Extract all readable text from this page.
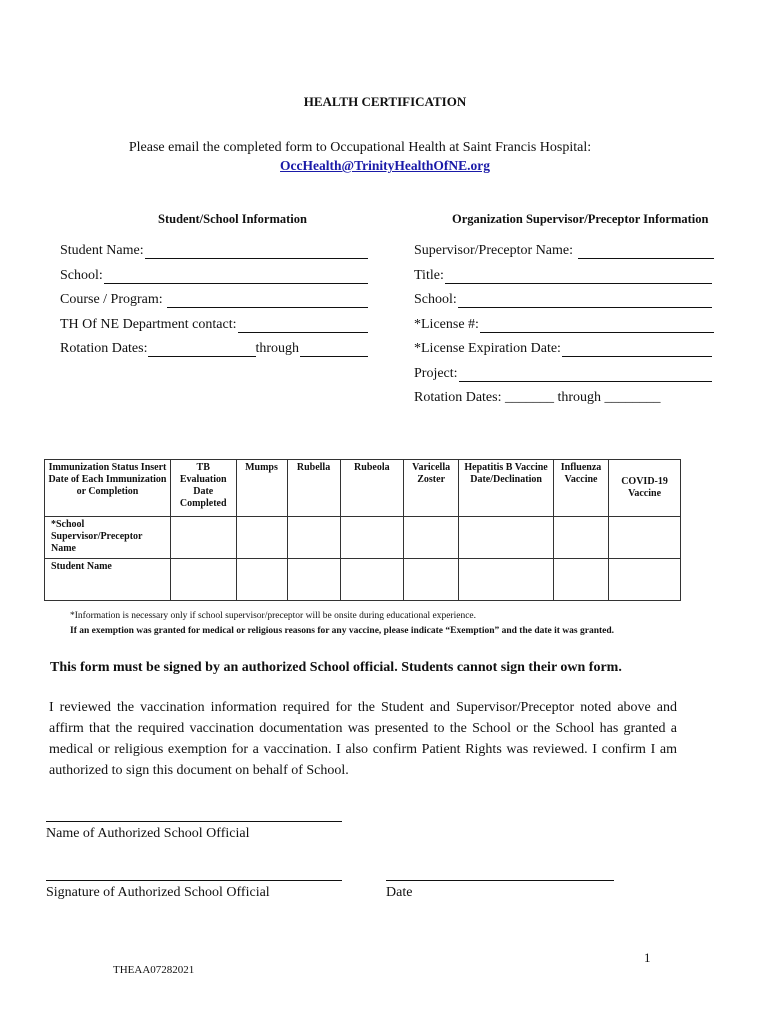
HEALTH CERTIFICATION
Please email the completed form to Occupational Health at Saint Francis Hospital:
OccHealth@TrinityHealthOfNE.org
Student/School Information	Organization Supervisor/Preceptor Information
Student Name:
School:
Course / Program:
TH Of NE Department contact:
Rotation Dates:	through
Supervisor/Preceptor Name:
Title:
School:
*License #:
*License Expiration Date:
Project:
Rotation Dates: _______ through ________
Immunization Status Insert Date of Each Immunization or Completion	TB Evaluation Date Completed	Mumps	Rubella	Rubeola	Varicella Zoster	Hepatitis B Vaccine Date/Declination	Influenza Vaccine	COVID-19 Vaccine
*School Supervisor/Preceptor Name								
Student Name								
*Information is necessary only if school supervisor/preceptor will be onsite during educational experience.
If an exemption was granted for medical or religious reasons for any vaccine, please indicate “Exemption” and the date it was granted.
This form must be signed by an authorized School official. Students cannot sign their own form.
I reviewed the vaccination information required for the Student and Supervisor/Preceptor noted above and affirm that the required vaccination documentation was presented to the School or the School has granted a medical or religious exemption for a vaccination. I also confirm Patient Rights was reviewed. I confirm I am authorized to sign this document on behalf of School.
Name of Authorized School Official
Signature of Authorized School Official	Date
1
THEAA07282021
